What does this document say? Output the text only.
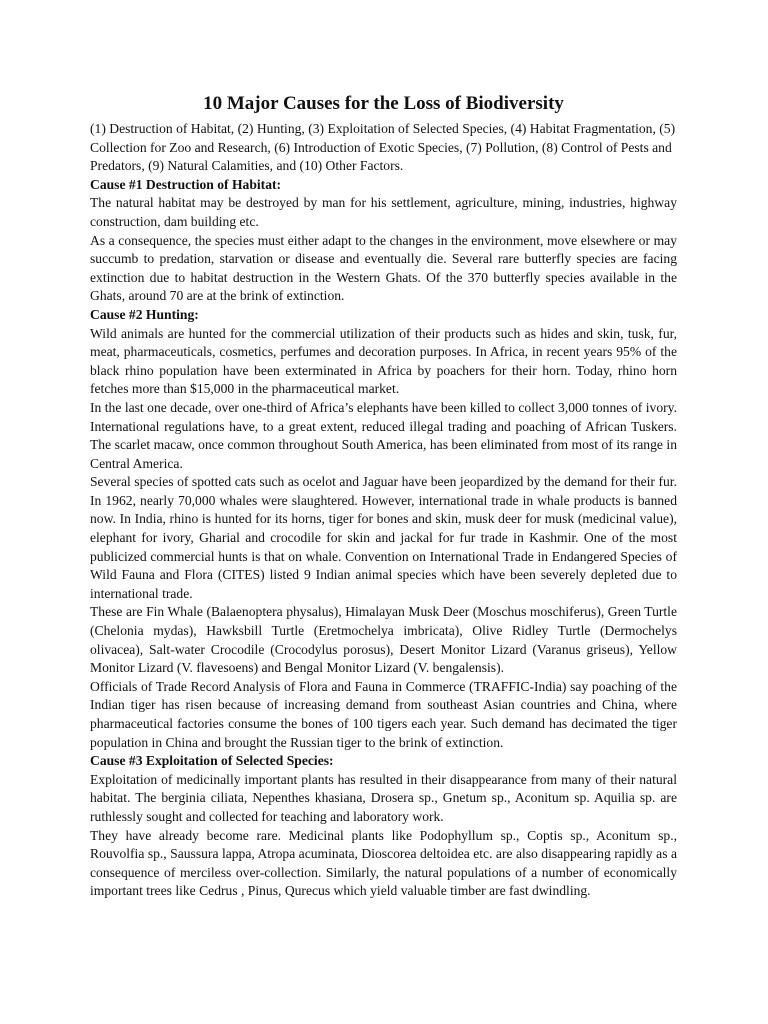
10 Major Causes for the Loss of Biodiversity

(1) Destruction of Habitat, (2) Hunting, (3) Exploitation of Selected Species, (4) Habitat Fragmentation, (5) Collection for Zoo and Research, (6) Introduction of Exotic Species, (7) Pollution, (8) Control of Pests and Predators, (9) Natural Calamities, and (10) Other Factors.

Cause #1 Destruction of Habitat:

The natural habitat may be destroyed by man for his settlement, agriculture, mining, industries, highway construction, dam building etc.

As a consequence, the species must either adapt to the changes in the environment, move elsewhere or may succumb to predation, starvation or disease and eventually die. Several rare butterfly species are facing extinction due to habitat destruction in the Western Ghats. Of the 370 butterfly species available in the Ghats, around 70 are at the brink of extinction.

Cause #2 Hunting:

Wild animals are hunted for the commercial utilization of their products such as hides and skin, tusk, fur, meat, pharmaceuticals, cosmetics, perfumes and decoration purposes. In Africa, in recent years 95% of the black rhino population have been exterminated in Africa by poachers for their horn. Today, rhino horn fetches more than $15,000 in the pharmaceutical market.

In the last one decade, over one-third of Africa’s elephants have been killed to collect 3,000 tonnes of ivory. International regulations have, to a great extent, reduced illegal trading and poaching of African Tuskers. The scarlet macaw, once common throughout South America, has been eliminated from most of its range in Central America.

Several species of spotted cats such as ocelot and Jaguar have been jeopardized by the demand for their fur. In 1962, nearly 70,000 whales were slaughtered. However, international trade in whale products is banned now. In India, rhino is hunted for its horns, tiger for bones and skin, musk deer for musk (medicinal value), elephant for ivory, Gharial and crocodile for skin and jackal for fur trade in Kashmir. One of the most publicized commercial hunts is that on whale. Convention on International Trade in Endangered Species of Wild Fauna and Flora (CITES) listed 9 Indian animal species which have been severely depleted due to international trade.

These are Fin Whale (Balaenoptera physalus), Himalayan Musk Deer (Moschus moschiferus), Green Turtle (Chelonia mydas), Hawksbill Turtle (Eretmochelya imbricata), Olive Ridley Turtle (Dermochelys olivacea), Salt-water Crocodile (Crocodylus porosus), Desert Monitor Lizard (Varanus griseus), Yellow Monitor Lizard (V. flavesoens) and Bengal Monitor Lizard (V. bengalensis).

Officials of Trade Record Analysis of Flora and Fauna in Commerce (TRAFFIC-India) say poaching of the Indian tiger has risen because of increasing demand from southeast Asian countries and China, where pharmaceutical factories consume the bones of 100 tigers each year. Such demand has decimated the tiger population in China and brought the Russian tiger to the brink of extinction.

Cause #3 Exploitation of Selected Species:

Exploitation of medicinally important plants has resulted in their disappearance from many of their natural habitat. The berginia ciliata, Nepenthes khasiana, Drosera sp., Gnetum sp., Aconitum sp. Aquilia sp. are ruthlessly sought and collected for teaching and laboratory work.

They have already become rare. Medicinal plants like Podophyllum sp., Coptis sp., Aconitum sp., Rouvolfia sp., Saussura lappa, Atropa acuminata, Dioscorea deltoidea etc. are also disappearing rapidly as a consequence of merciless over-collection. Similarly, the natural populations of a number of economically important trees like Cedrus , Pinus, Qurecus which yield valuable timber are fast dwindling.
